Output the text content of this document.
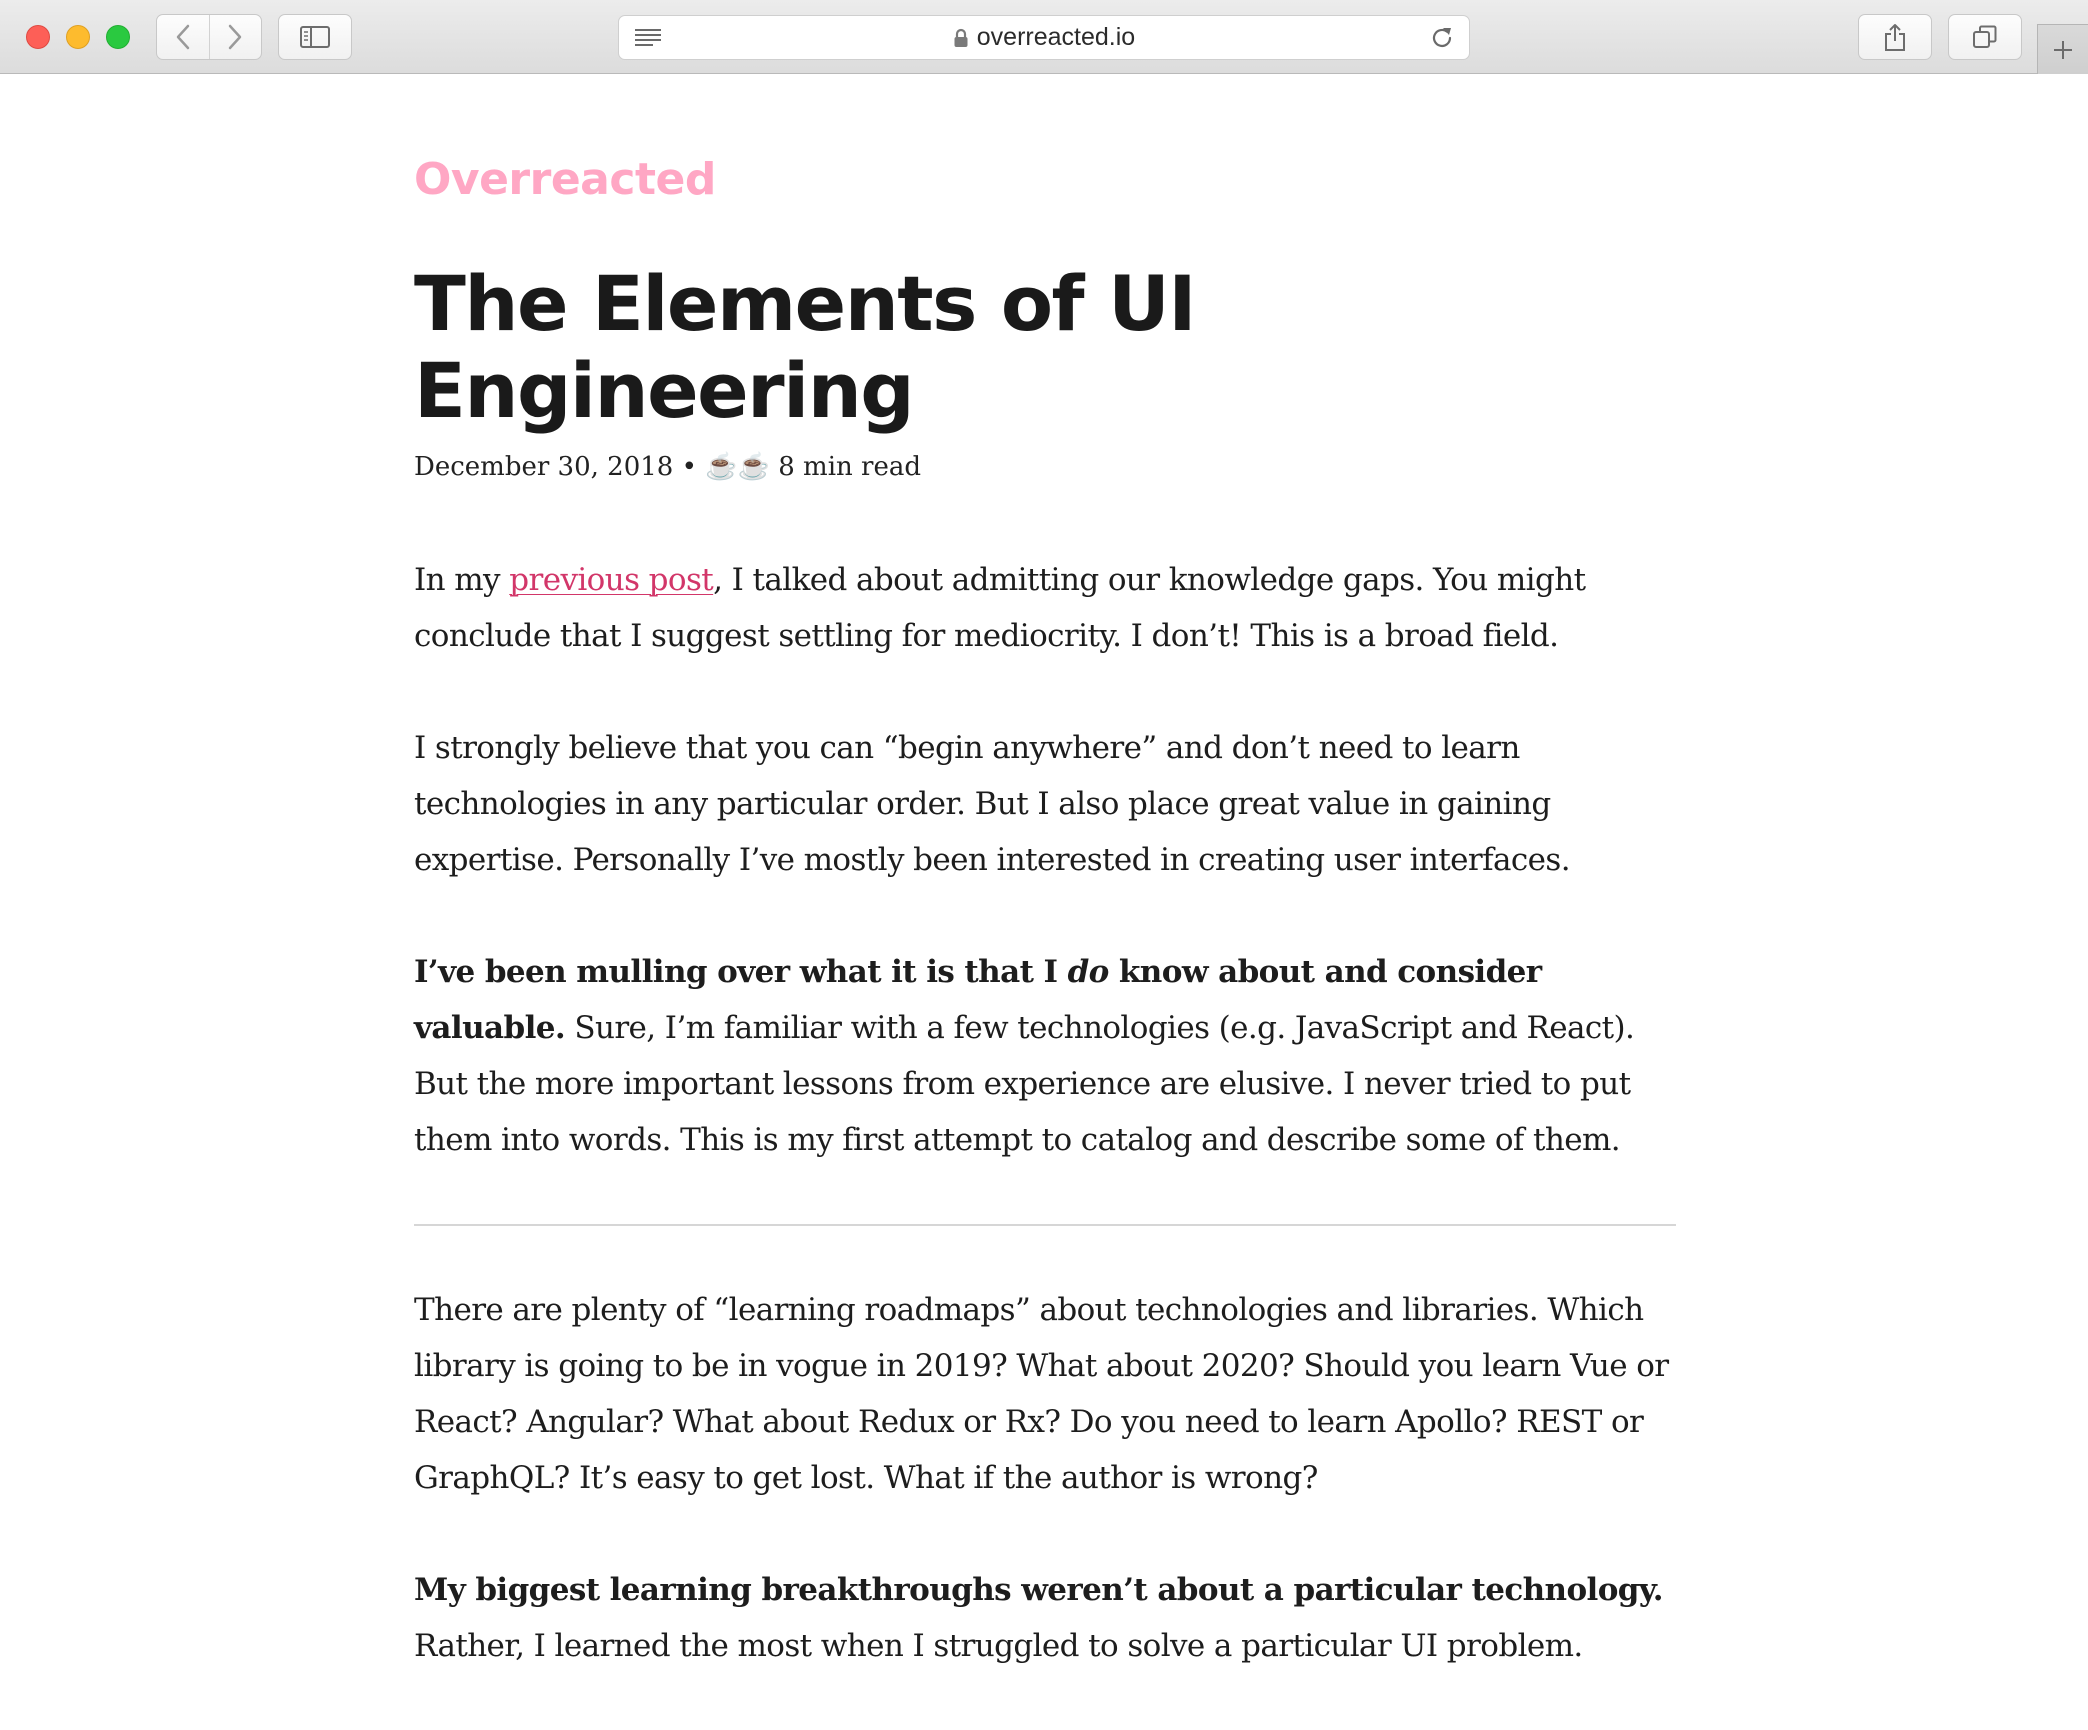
overreacted.io
Overreacted
The Elements of UI Engineering
December 30, 2018 • ☕☕ 8 min read

In my previous post, I talked about admitting our knowledge gaps. You might conclude that I suggest settling for mediocrity. I don’t! This is a broad field.

I strongly believe that you can “begin anywhere” and don’t need to learn technologies in any particular order. But I also place great value in gaining expertise. Personally I’ve mostly been interested in creating user interfaces.

I’ve been mulling over what it is that I do know about and consider valuable. Sure, I’m familiar with a few technologies (e.g. JavaScript and React). But the more important lessons from experience are elusive. I never tried to put them into words. This is my first attempt to catalog and describe some of them.

There are plenty of “learning roadmaps” about technologies and libraries. Which library is going to be in vogue in 2019? What about 2020? Should you learn Vue or React? Angular? What about Redux or Rx? Do you need to learn Apollo? REST or GraphQL? It’s easy to get lost. What if the author is wrong?

My biggest learning breakthroughs weren’t about a particular technology. Rather, I learned the most when I struggled to solve a particular UI problem.
